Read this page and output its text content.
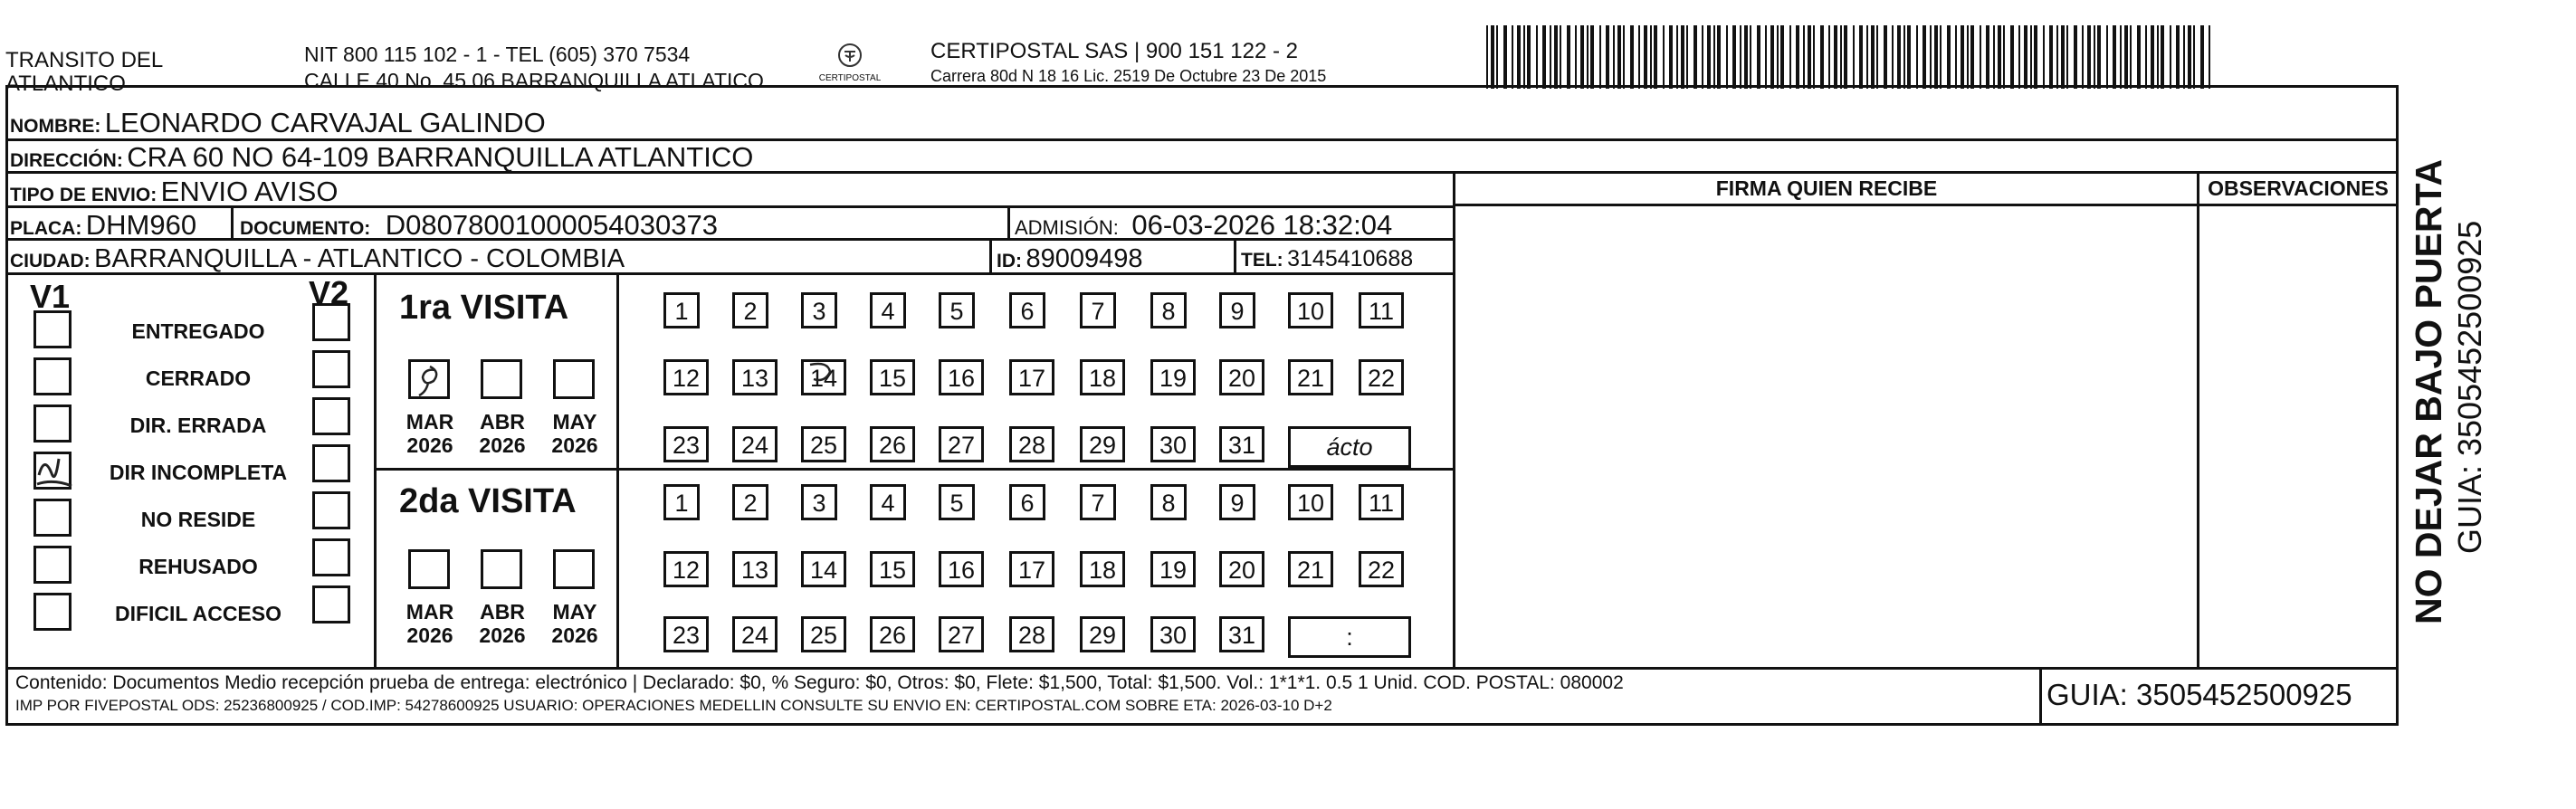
TRANSITO DEL
ATLANTICO
NIT 800 115 102 - 1 - TEL (605) 370 7534
CALLE 40 No. 45 06 BARRANQUILLA ATLATICO	CERTIPOSTAL
CERTIPOSTAL SAS | 900 151 122 - 2
Carrera 80d N 18 16 Lic. 2519 De Octubre 23 De 2015
NOMBRE: LEONARDO CARVAJAL GALINDO
DIRECCIÓN: CRA 60 NO 64-109 BARRANQUILLA ATLANTICO
TIPO DE ENVIO: ENVIO AVISO
PLACA: DHM960 DOCUMENTO: D08078001000054030373	ADMISIÓN: 06-03-2026 18:32:04
CIUDAD: BARRANQUILLA - ATLANTICO - COLOMBIA	ID: 89009498	TEL: 3145410688
FIRMA QUIEN RECIBE	OBSERVACIONES
V1	V2
ENTREGADO
CERRADO
DIR. ERRADA
DIR INCOMPLETA
NO RESIDE
REHUSADO
DIFICIL ACCESO
1ra VISITA
2da VISITA
MAR
2026
ABR
2026
MAY
2026
MAR
2026
ABR
2026
MAY
2026
1	2	3	4	5	6	7	8	9	10	11
12	13	14	15	16	17	18	19	20	21	22
23	24	25	26	27	28	29	30	31	ácto
1	2	3	4	5	6	7	8	9	10	11
12	13	14	15	16	17	18	19	20	21	22
23	24	25	26	27	28	29	30	31	:
Contenido: Documentos Medio recepción prueba de entrega: electrónico | Declarado: $0, % Seguro: $0, Otros: $0, Flete: $1,500, Total: $1,500. Vol.: 1*1*1. 0.5 1 Unid. COD. POSTAL: 080002
IMP POR FIVEPOSTAL ODS: 25236800925 / COD.IMP: 54278600925 USUARIO: OPERACIONES MEDELLIN CONSULTE SU ENVIO EN: CERTIPOSTAL.COM SOBRE ETA: 2026-03-10 D+2	GUIA: 3505452500925
NO DEJAR BAJO PUERTA GUIA: 3505452500925
